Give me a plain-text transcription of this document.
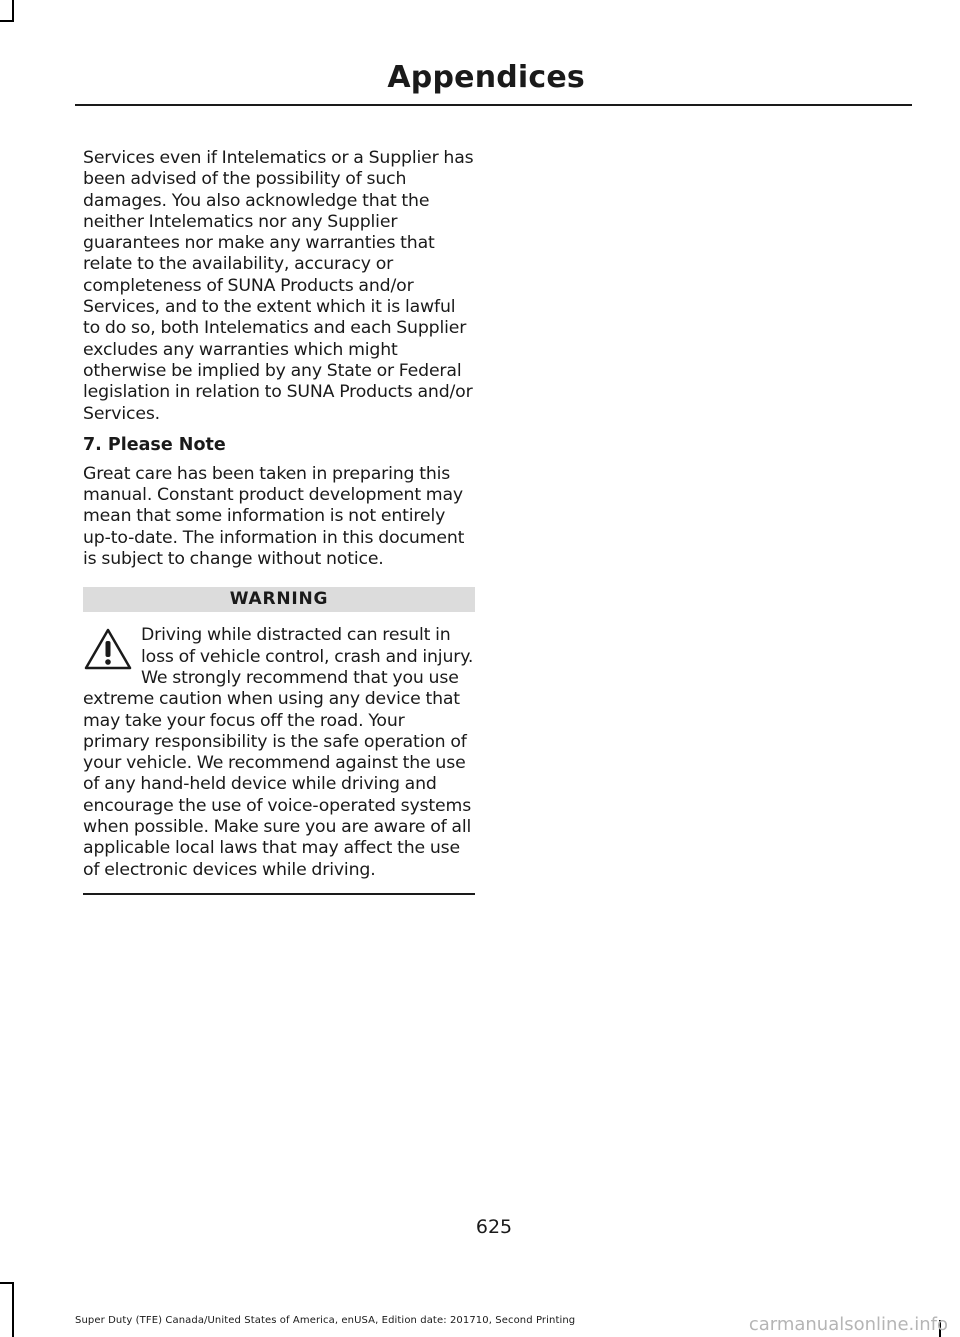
Appendices

Services even if Intelematics or a Supplier has been advised of the possibility of such damages. You also acknowledge that the neither Intelematics nor any Supplier guarantees nor make any warranties that relate to the availability, accuracy or completeness of SUNA Products and/or Services, and to the extent which it is lawful to do so, both Intelematics and each Supplier excludes any warranties which might otherwise be implied by any State or Federal legislation in relation to SUNA Products and/or Services.

7. Please Note

Great care has been taken in preparing this manual. Constant product development may mean that some information is not entirely up-to-date. The information in this document is subject to change without notice.

WARNING

Driving while distracted can result in loss of vehicle control, crash and injury. We strongly recommend that you use extreme caution when using any device that may take your focus off the road. Your primary responsibility is the safe operation of your vehicle. We recommend against the use of any hand-held device while driving and encourage the use of voice-operated systems when possible. Make sure you are aware of all applicable local laws that may affect the use of electronic devices while driving.

625
Super Duty (TFE) Canada/United States of America, enUSA, Edition date: 201710, Second Printing	carmanualsonline.info
